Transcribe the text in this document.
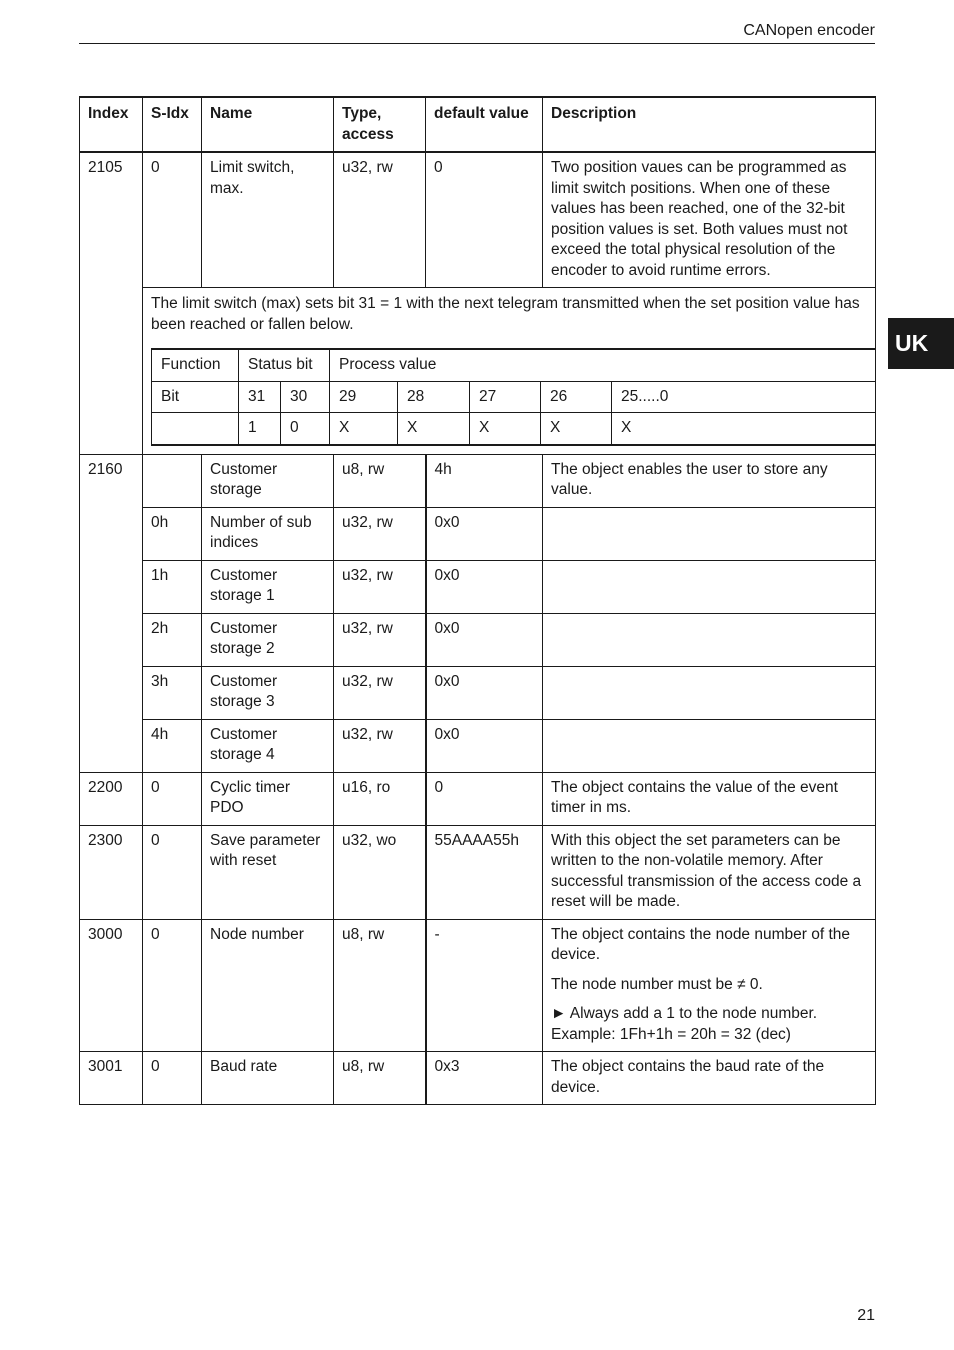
CANopen encoder
UK
Index	S-Idx	Name	Type, access	default value	Description
2105	0	Limit switch, max.	u32, rw	0	Two position vaues can be programmed as limit switch positions. When one of these values has been reached, one of the 32-bit position values is set. Both values must not exceed the total physical resolution of the encoder to avoid runtime errors.

The limit switch (max) sets bit 31 = 1 with the next telegram transmitted when the set position value has been reached or fallen below.
Function	Status bit	Process value
Bit	31	30	29	28	27	26	25.....0
	1	0	X	X	X	X	X

2160		Customer storage	u8, rw	4h	The object enables the user to store any value.
0h	Number of sub indices	u32, rw	0x0	
1h	Customer storage 1	u32, rw	0x0	
2h	Customer storage 2	u32, rw	0x0	
3h	Customer storage 3	u32, rw	0x0	
4h	Customer storage 4	u32, rw	0x0	
2200	0	Cyclic timer PDO	u16, ro	0	The object contains the value of the event timer in ms.
2300	0	Save parameter with reset	u32, wo	55AAAA55h	With this object the set parameters can be written to the non-volatile memory. After successful transmission of the access code a reset will be made.
3000	0	Node number	u8, rw	-	The object contains the node number of the device.
The node number must be ≠ 0.
► Always add a 1 to the node number. Example: 1Fh+1h = 20h = 32 (dec)

3001	0	Baud rate	u8, rw	0x3	The object contains the baud rate of the device.
21
